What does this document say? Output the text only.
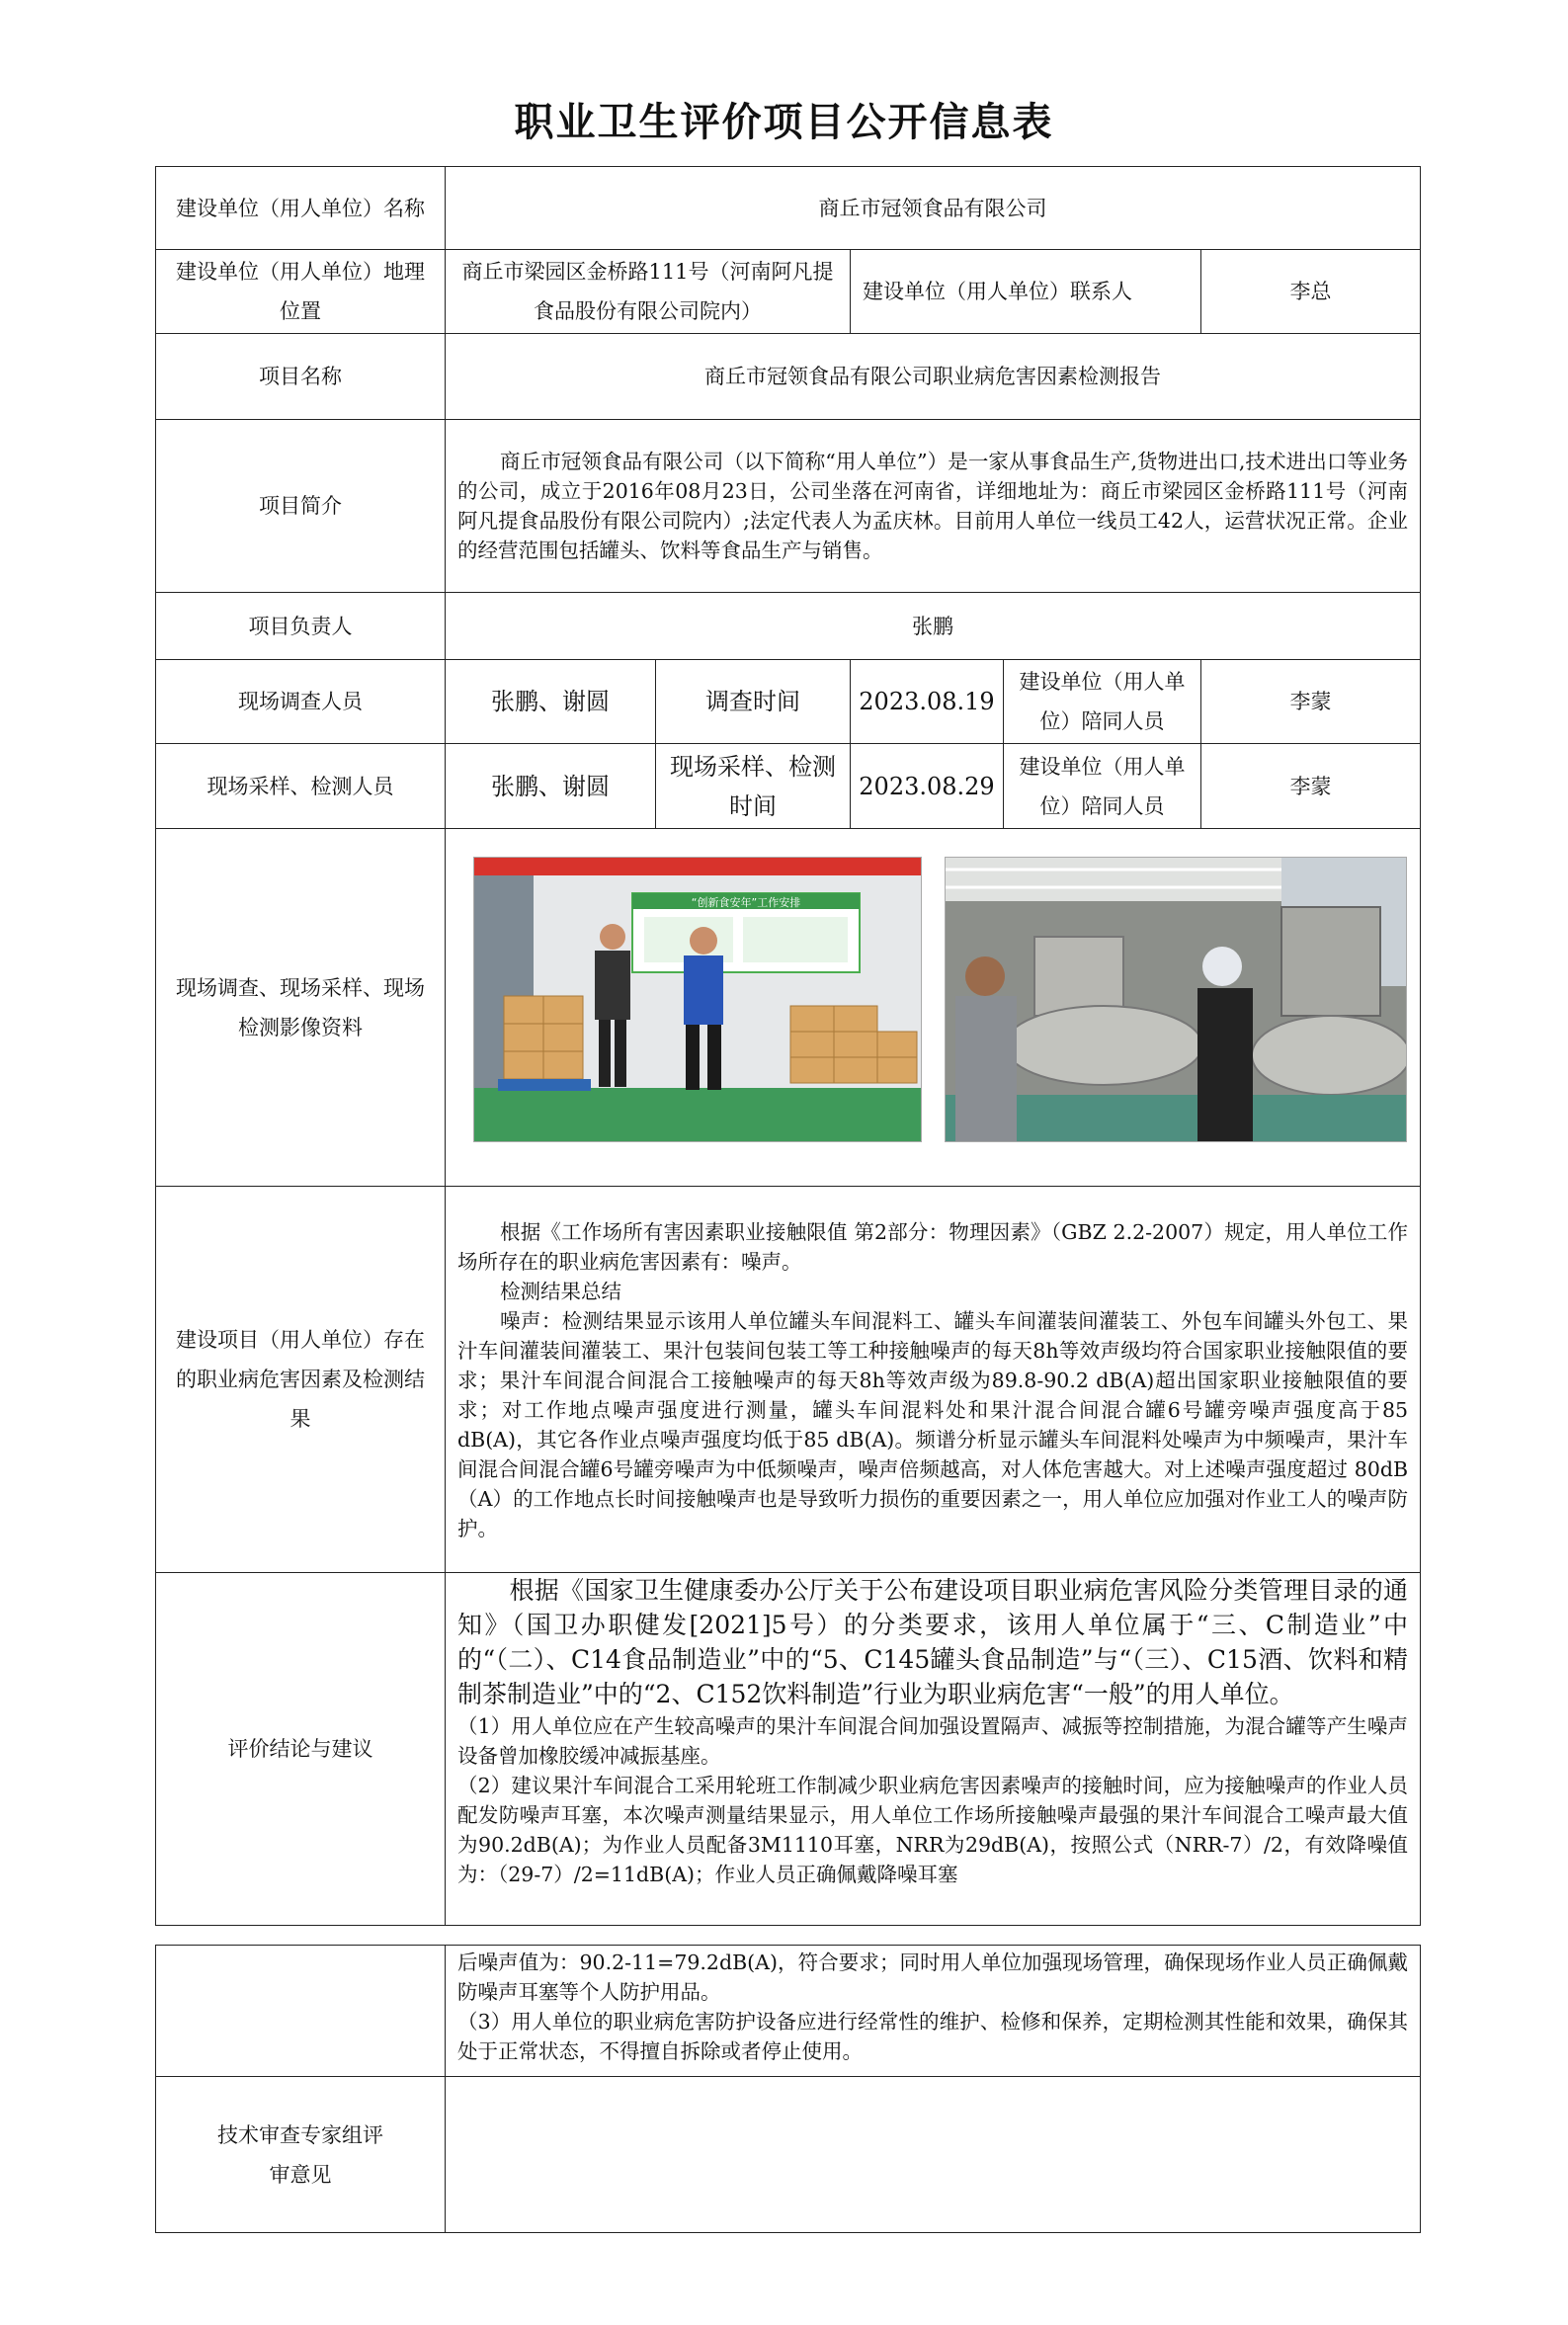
职业卫生评价项目公开信息表
建设单位（用人单位）名称	商丘市冠领食品有限公司				
建设单位（用人单位）地理位置	商丘市梁园区金桥路111号（河南阿凡提食品股份有限公司院内）		建设单位（用人单位）联系人		李总
项目名称	商丘市冠领食品有限公司职业病危害因素检测报告				
项目简介	商丘市冠领食品有限公司（以下简称“用人单位”）是一家从事食品生产,货物进出口,技术进出口等业务的公司，成立于2016年08月23日，公司坐落在河南省，详细地址为：商丘市梁园区金桥路111号（河南阿凡提食品股份有限公司院内）;法定代表人为孟庆林。目前用人单位一线员工42人，运营状况正常。企业的经营范围包括罐头、饮料等食品生产与销售。				

项目负责人	张鹏				
现场调查人员	张鹏、谢圆	调查时间	2023.08.19	建设单位（用人单位）陪同人员	李蒙
现场采样、检测人员	张鹏、谢圆	现场采样、检测时间	2023.08.29	建设单位（用人单位）陪同人员	李蒙
现场调查、现场采样、现场检测影像资料	“创新食安年”工作安排				

建设项目（用人单位）存在的职业病危害因素及检测结果	根据《工作场所有害因素职业接触限值 第2部分：物理因素》（GBZ 2.2-2007）规定，用人单位工作场所存在的职业病危害因素有：噪声。

检测结果总结

噪声：检测结果显示该用人单位罐头车间混料工、罐头车间灌装间灌装工、外包车间罐头外包工、果汁车间灌装间灌装工、果汁包装间包装工等工种接触噪声的每天8h等效声级均符合国家职业接触限值的要求；果汁车间混合间混合工接触噪声的每天8h等效声级为89.8-90.2 dB(A)超出国家职业接触限值的要求；对工作地点噪声强度进行测量，罐头车间混料处和果汁混合间混合罐6号罐旁噪声强度高于85 dB(A)，其它各作业点噪声强度均低于85 dB(A)。频谱分析显示罐头车间混料处噪声为中频噪声，果汁车间混合间混合罐6号罐旁噪声为中低频噪声，噪声倍频越高，对人体危害越大。对上述噪声强度超过 80dB（A）的工作地点长时间接触噪声也是导致听力损伤的重要因素之一，用人单位应加强对作业工人的噪声防护。				

评价结论与建议	根据《国家卫生健康委办公厅关于公布建设项目职业病危害风险分类管理目录的通知》（国卫办职健发[2021]5号）的分类要求，该用人单位属于“三、C制造业”中的“（二）、C14食品制造业”中的“5、C145罐头食品制造”与“（三）、C15酒、饮料和精制茶制造业”中的“2、C152饮料制造”行业为职业病危害“一般”的用人单位。

（1）用人单位应在产生较高噪声的果汁车间混合间加强设置隔声、减振等控制措施，为混合罐等产生噪声设备曾加橡胶缓冲减振基座。

（2）建议果汁车间混合工采用轮班工作制减少职业病危害因素噪声的接触时间，应为接触噪声的作业人员配发防噪声耳塞，本次噪声测量结果显示，用人单位工作场所接触噪声最强的果汁车间混合工噪声最大值为90.2dB(A)；为作业人员配备3M1110耳塞，NRR为29dB(A)，按照公式（NRR-7）/2，有效降噪值为：（29-7）/2=11dB(A)；作业人员正确佩戴降噪耳塞				

	后噪声值为：90.2-11=79.2dB(A)，符合要求；同时用人单位加强现场管理，确保现场作业人员正确佩戴防噪声耳塞等个人防护用品。

（3）用人单位的职业病危害防护设备应进行经常性的维护、检修和保养，定期检测其性能和效果，确保其处于正常状态，不得擅自拆除或者停止使用。

技术审查专家组评审意见	
